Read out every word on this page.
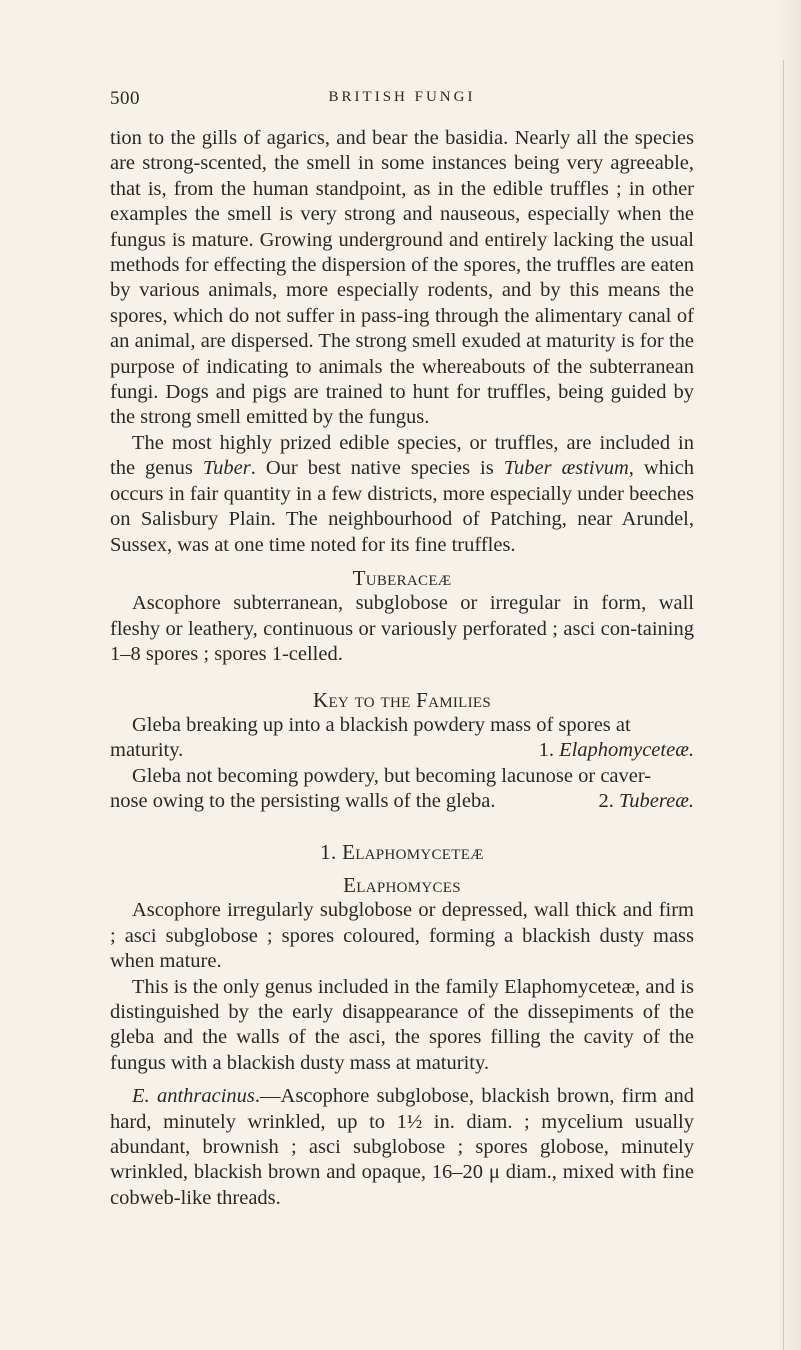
500	BRITISH FUNGI

tion to the gills of agarics, and bear the basidia. Nearly all the species are strong-scented, the smell in some instances being very agreeable, that is, from the human standpoint, as in the edible truffles ; in other examples the smell is very strong and nauseous, especially when the fungus is mature. Growing underground and entirely lacking the usual methods for effecting the dispersion of the spores, the truffles are eaten by various animals, more especially rodents, and by this means the spores, which do not suffer in pass-ing through the alimentary canal of an animal, are dispersed. The strong smell exuded at maturity is for the purpose of indicating to animals the whereabouts of the subterranean fungi. Dogs and pigs are trained to hunt for truffles, being guided by the strong smell emitted by the fungus.

The most highly prized edible species, or truffles, are included in the genus Tuber. Our best native species is Tuber æstivum, which occurs in fair quantity in a few districts, more especially under beeches on Salisbury Plain. The neighbourhood of Patching, near Arundel, Sussex, was at one time noted for its fine truffles.

Tuberaceæ

Ascophore subterranean, subglobose or irregular in form, wall fleshy or leathery, continuous or variously perforated ; asci con-taining 1–8 spores ; spores 1-celled.

Key to the Families

Gleba breaking up into a blackish powdery mass of spores at

maturity.	1. Elaphomyceteæ.

Gleba not becoming powdery, but becoming lacunose or caver-

nose owing to the persisting walls of the gleba.	2. Tubereæ.
1. Elaphomyceteæ
Elaphomyces

Ascophore irregularly subglobose or depressed, wall thick and firm ; asci subglobose ; spores coloured, forming a blackish dusty mass when mature.

This is the only genus included in the family Elaphomyceteæ, and is distinguished by the early disappearance of the dissepiments of the gleba and the walls of the asci, the spores filling the cavity of the fungus with a blackish dusty mass at maturity.

E. anthracinus.—Ascophore subglobose, blackish brown, firm and hard, minutely wrinkled, up to 1½ in. diam. ; mycelium usually abundant, brownish ; asci subglobose ; spores globose, minutely wrinkled, blackish brown and opaque, 16–20 μ diam., mixed with fine cobweb-like threads.
